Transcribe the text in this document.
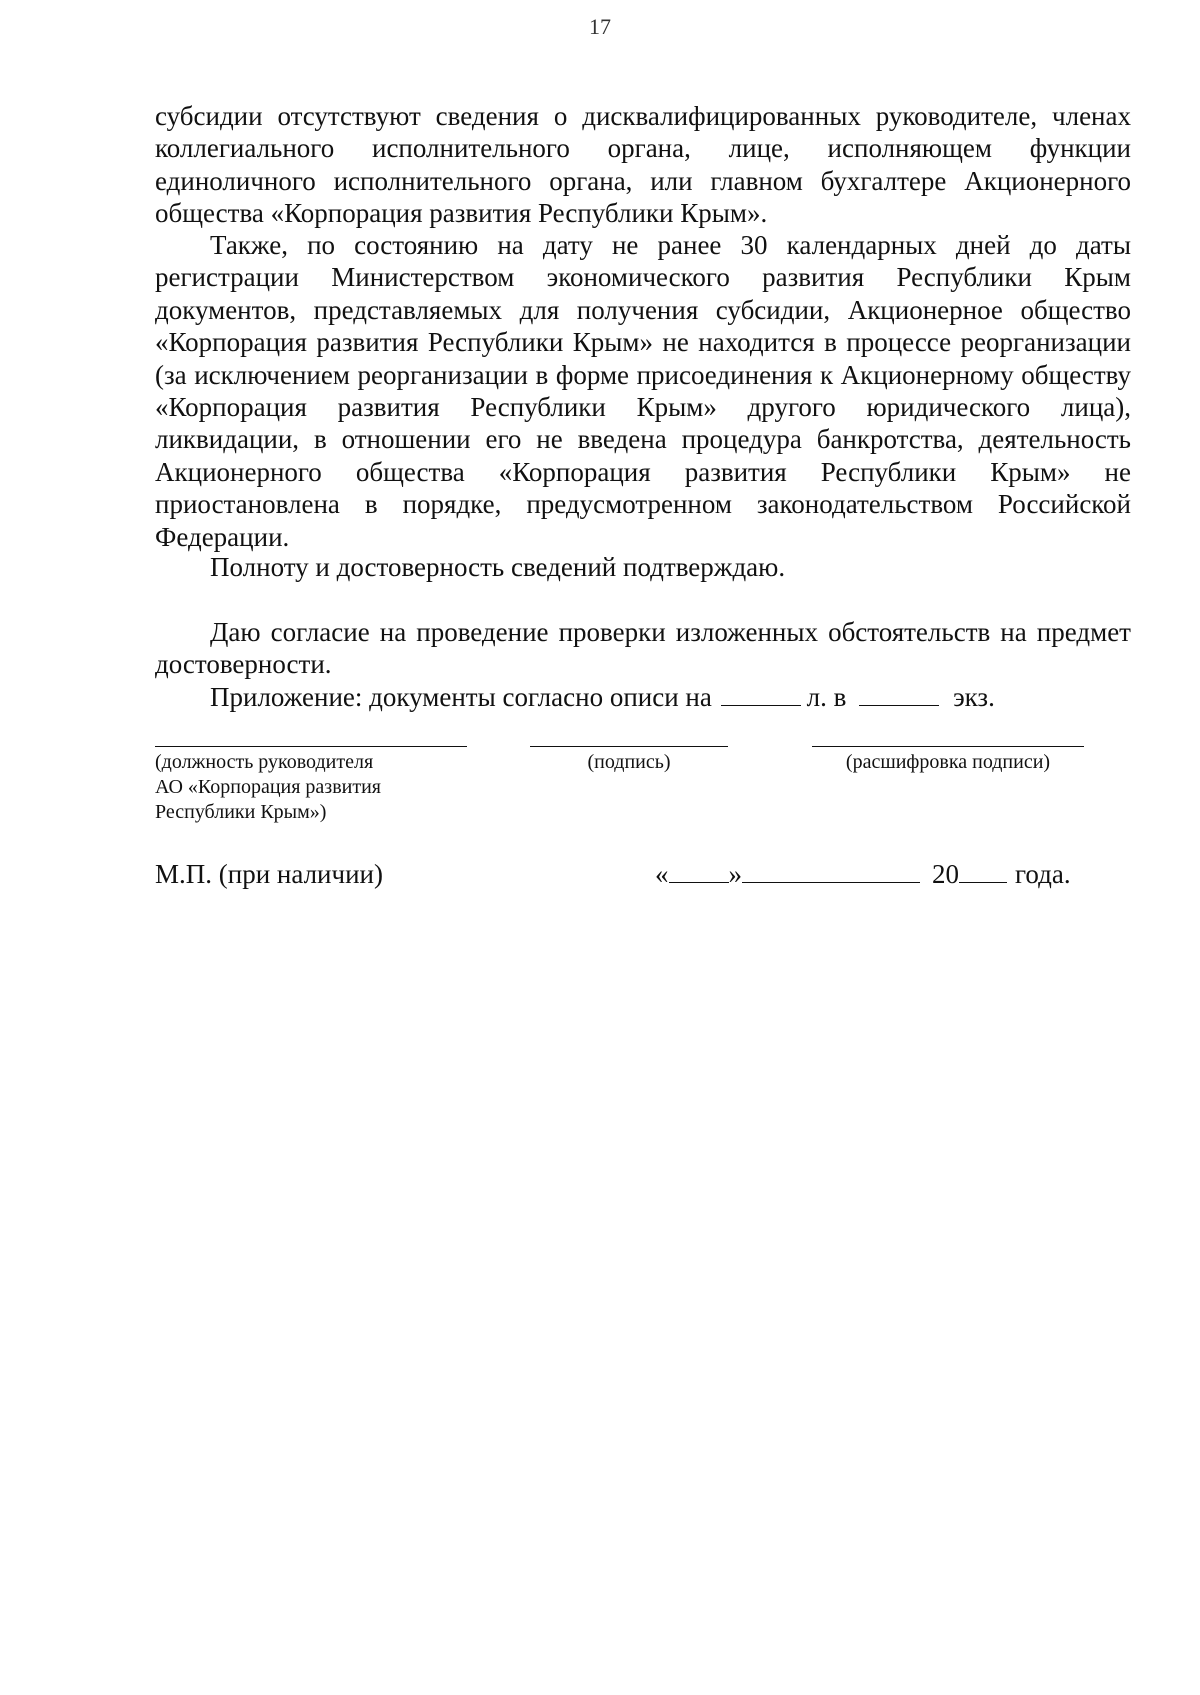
17

субсидии отсутствуют сведения о дисквалифицированных руководителе, членах коллегиального исполнительного органа, лице, исполняющем функции единоличного исполнительного органа, или главном бухгалтере Акционерного общества «Корпорация развития Республики Крым».

Также, по состоянию на дату не ранее 30 календарных дней до даты регистрации Министерством экономического развития Республики Крым документов, представляемых для получения субсидии, Акционерное общество «Корпорация развития Республики Крым» не находится в процессе реорганизации (за исключением реорганизации в форме присоединения к Акционерному обществу «Корпорация развития Республики Крым» другого юридического лица), ликвидации, в отношении его не введена процедура банкротства, деятельность Акционерного общества «Корпорация развития Республики Крым» не приостановлена в порядке, предусмотренном законодательством Российской Федерации.

Полноту и достоверность сведений подтверждаю.

Даю согласие на проведение проверки изложенных обстоятельств на предмет достоверности.

Приложение: документы согласно описи на	л. в	экз.
(должность руководителя
АО «Корпорация развития
Республики Крым»)
(подпись)	(расшифровка подписи)
М.П. (при наличии)	« »	20 года.
